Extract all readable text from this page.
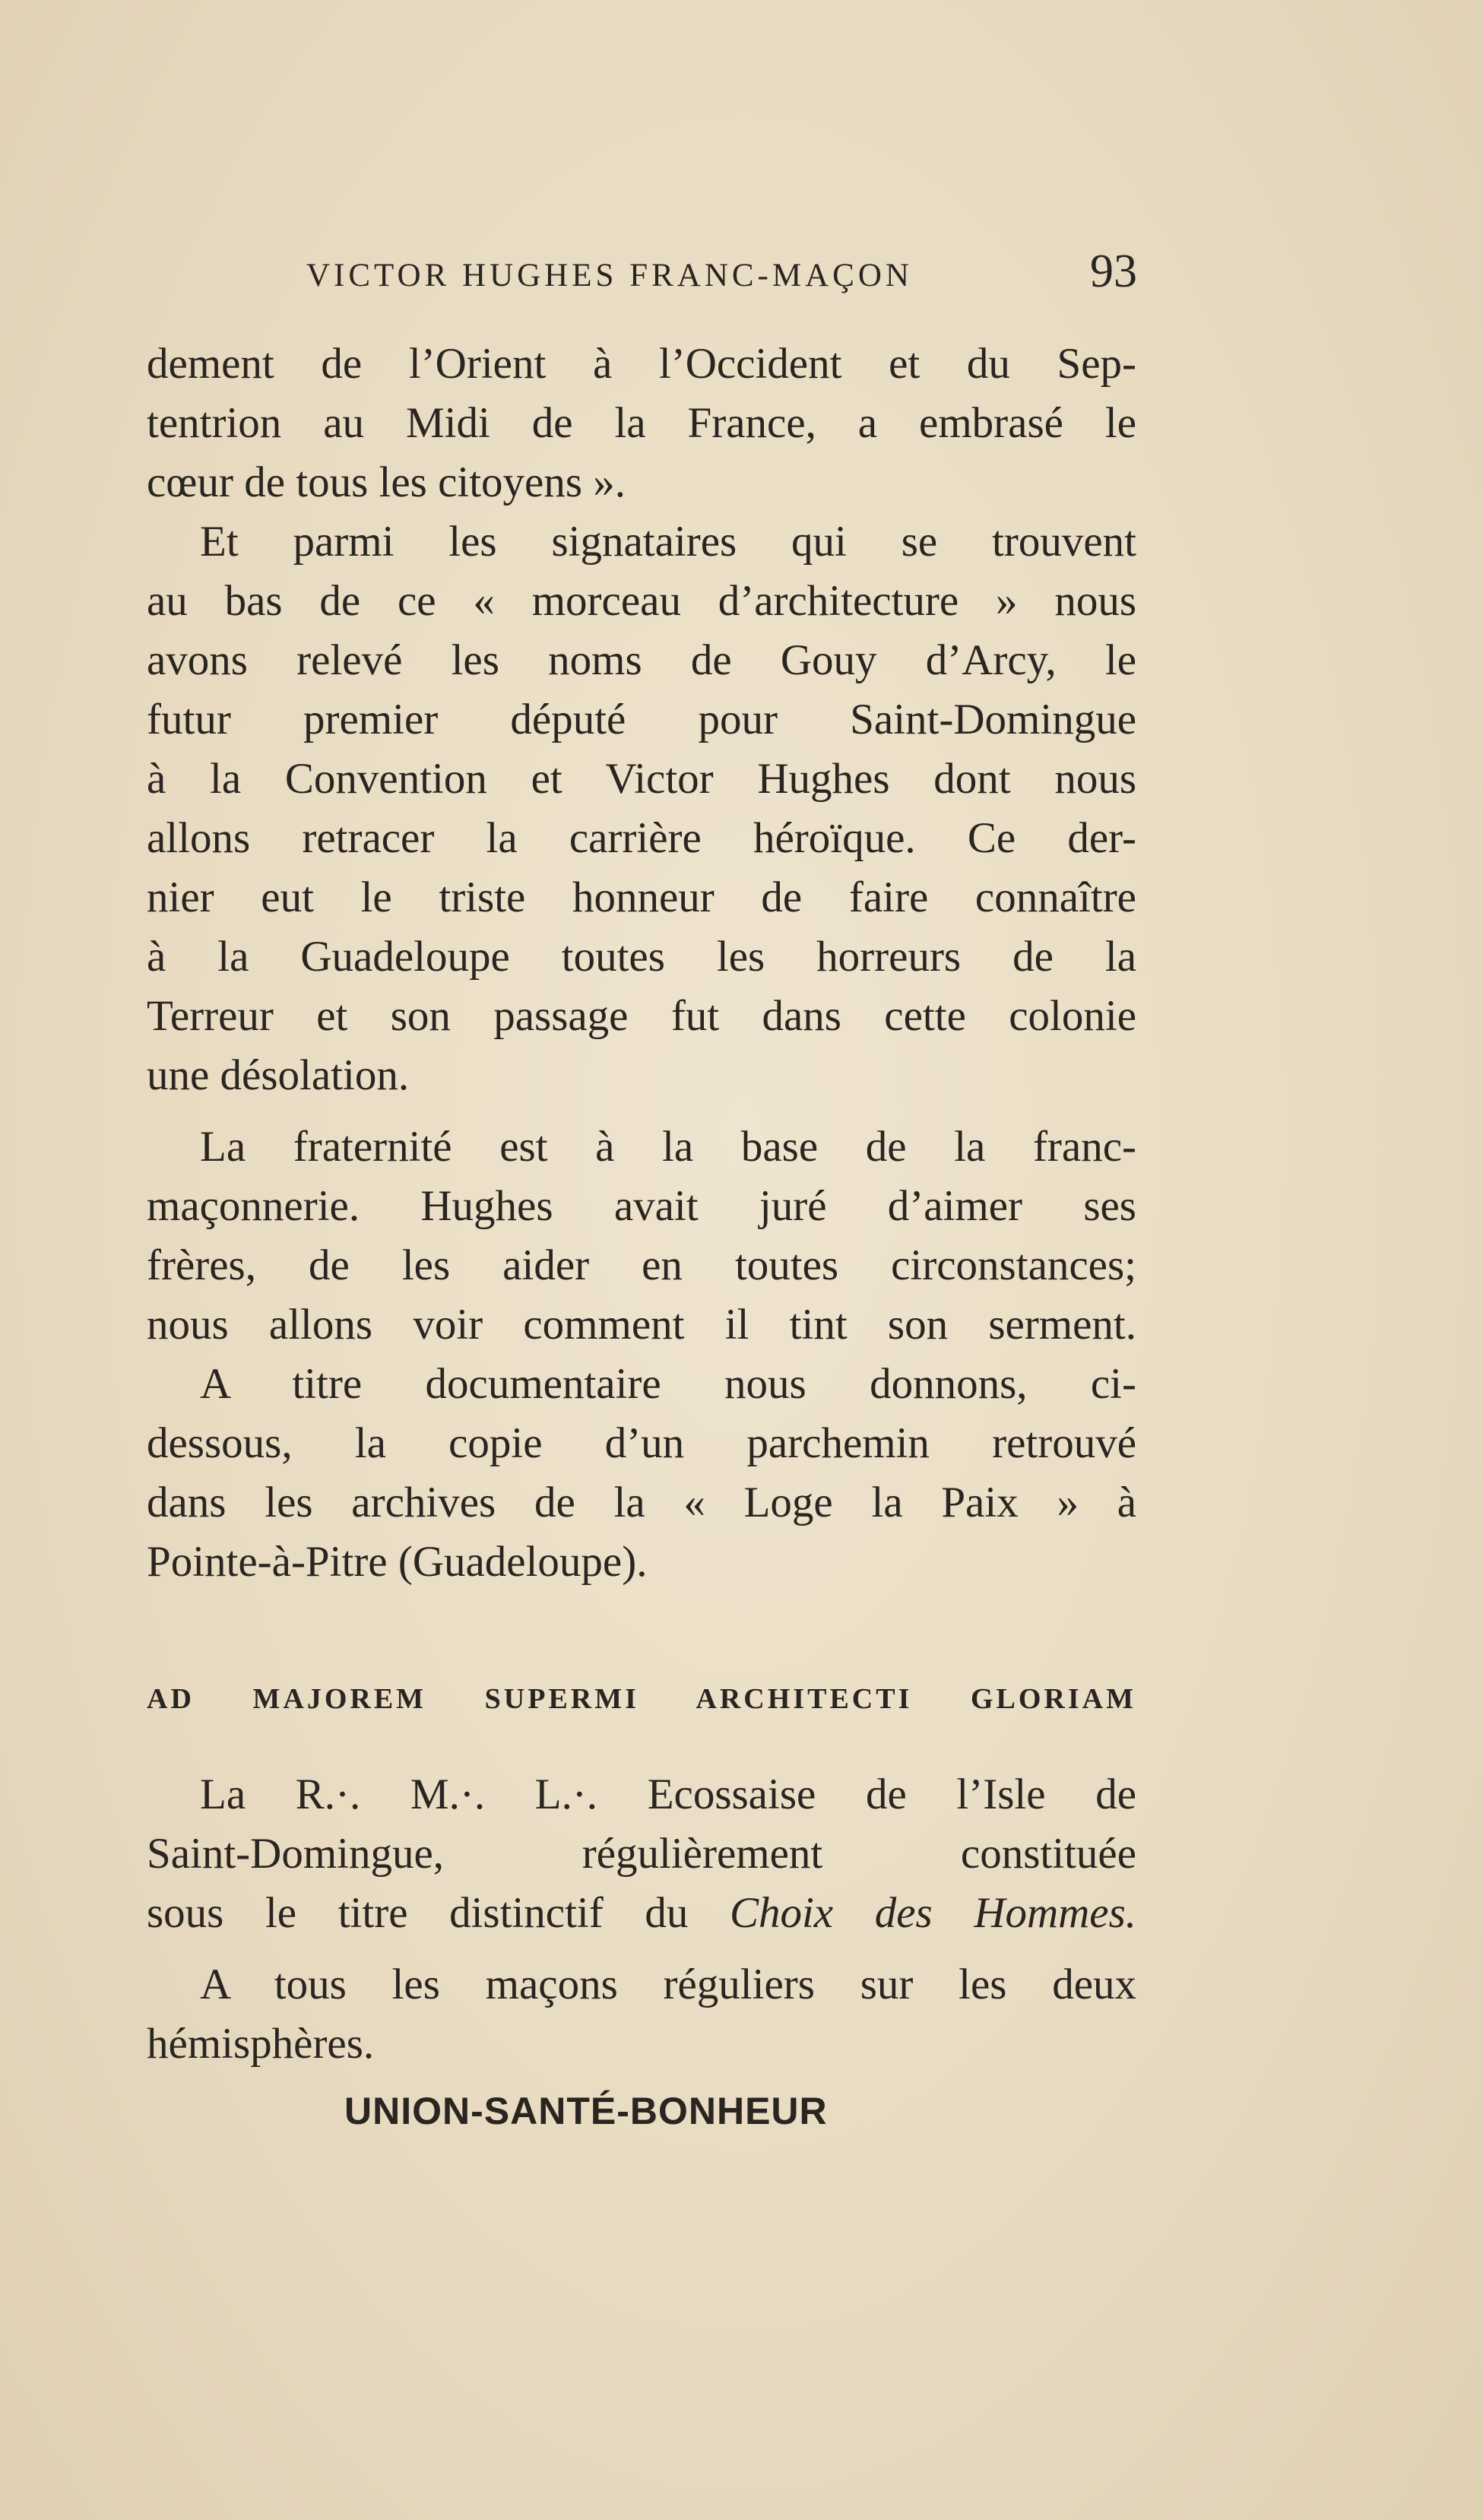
VICTOR HUGHES FRANC-MAÇON	93
dement de l’Orient à l’Occident et du Sep-
tentrion au Midi de la France, a embrasé le
cœur de tous les citoyens ».
Et parmi les signataires qui se trouvent
au bas de ce « morceau d’architecture » nous
avons relevé les noms de Gouy d’Arcy, le
futur premier député pour Saint-Domingue
à la Convention et Victor Hughes dont nous
allons retracer la carrière héroïque. Ce der-
nier eut le triste honneur de faire connaître
à la Guadeloupe toutes les horreurs de la
Terreur et son passage fut dans cette colonie
une désolation.
La fraternité est à la base de la franc-
maçonnerie. Hughes avait juré d’aimer ses
frères, de les aider en toutes circonstances;
nous allons voir comment il tint son serment.
A titre documentaire nous donnons, ci-
dessous, la copie d’un parchemin retrouvé
dans les archives de la « Loge la Paix » à
Pointe-à-Pitre (Guadeloupe).
AD MAJOREM SUPERMI ARCHITECTI GLORIAM
La R.·. M.·. L.·. Ecossaise de l’Isle de
Saint-Domingue, régulièrement constituée
sous le titre distinctif du Choix des Hommes.
A tous les maçons réguliers sur les deux
hémisphères.
UNION-SANTÉ-BONHEUR
